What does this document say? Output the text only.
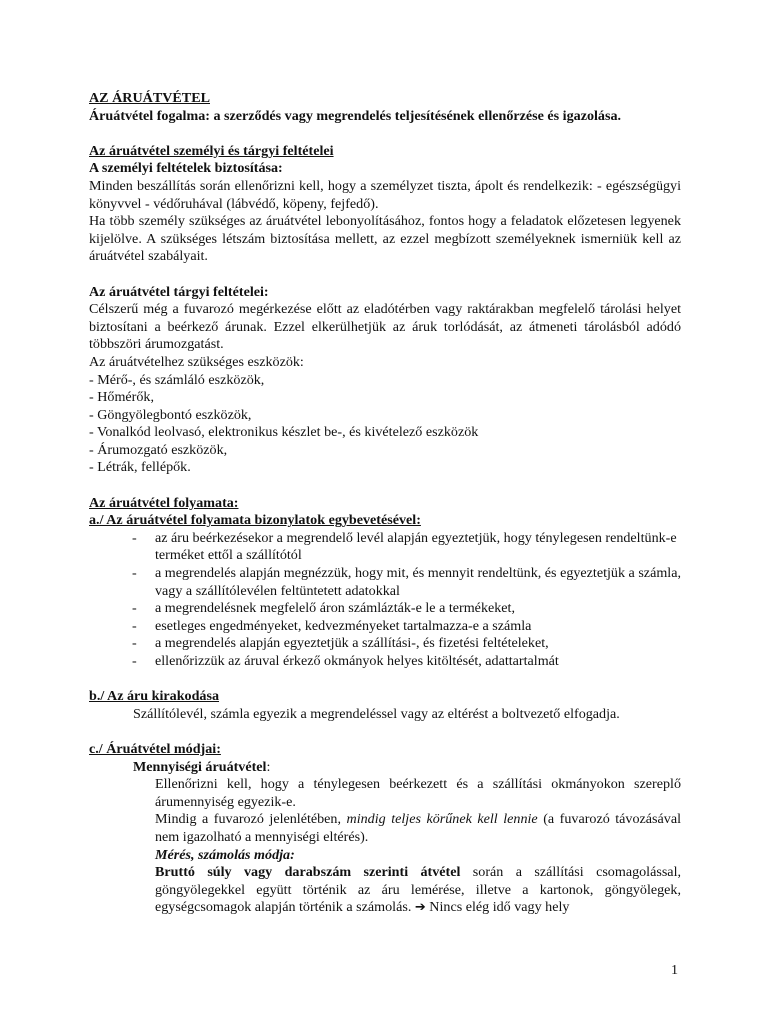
AZ ÁRUÁTVÉTEL

Áruátvétel fogalma: a szerződés vagy megrendelés teljesítésének ellenőrzése és igazolása.

Az áruátvétel személyi és tárgyi feltételei

A személyi feltételek biztosítása:

Minden beszállítás során ellenőrizni kell, hogy a személyzet tiszta, ápolt és rendelkezik: - egészségügyi könyvvel - védőruhával (lábvédő, köpeny, fejfedő).

Ha több személy szükséges az áruátvétel lebonyolításához, fontos hogy a feladatok előzetesen legyenek kijelölve. A szükséges létszám biztosítása mellett, az ezzel megbízott személyeknek ismerniük kell az áruátvétel szabályait.

Az áruátvétel tárgyi feltételei:

Célszerű még a fuvarozó megérkezése előtt az eladótérben vagy raktárakban megfelelő tárolási helyet biztosítani a beérkező árunak. Ezzel elkerülhetjük az áruk torlódását, az átmeneti tárolásból adódó többszöri árumozgatást.

Az áruátvételhez szükséges eszközök:

- Mérő-, és számláló eszközök,

- Hőmérők,

- Göngyölegbontó eszközök,

- Vonalkód leolvasó, elektronikus készlet be-, és kivételező eszközök

- Árumozgató eszközök,

- Létrák, fellépők.

Az áruátvétel folyamata:

a./ Az áruátvétel folyamata bizonylatok egybevetésével:

- az áru beérkezésekor a megrendelő levél alapján egyeztetjük, hogy ténylegesen rendeltünk-e terméket ettől a szállítótól
- a megrendelés alapján megnézzük, hogy mit, és mennyit rendeltünk, és egyeztetjük a számla, vagy a szállítólevélen feltüntetett adatokkal
- a megrendelésnek megfelelő áron számlázták-e le a termékeket,
- esetleges engedményeket, kedvezményeket tartalmazza-e a számla
- a megrendelés alapján egyeztetjük a szállítási-, és fizetési feltételeket,
- ellenőrizzük az áruval érkező okmányok helyes kitöltését, adattartalmát

b./ Az áru kirakodása

Szállítólevél, számla egyezik a megrendeléssel vagy az eltérést a boltvezető elfogadja.

c./ Áruátvétel módjai:

Mennyiségi áruátvétel:

Ellenőrizni kell, hogy a ténylegesen beérkezett és a szállítási okmányokon szereplő árumennyiség egyezik-e.

Mindig a fuvarozó jelenlétében, mindig teljes körűnek kell lennie (a fuvarozó távozásával nem igazolható a mennyiségi eltérés).

Mérés, számolás módja:

Bruttó súly vagy darabszám szerinti átvétel során a szállítási csomagolással, göngyölegekkel együtt történik az áru lemérése, illetve a kartonok, göngyölegek, egységcsomagok alapján történik a számolás. ➔ Nincs elég idő vagy hely

1
